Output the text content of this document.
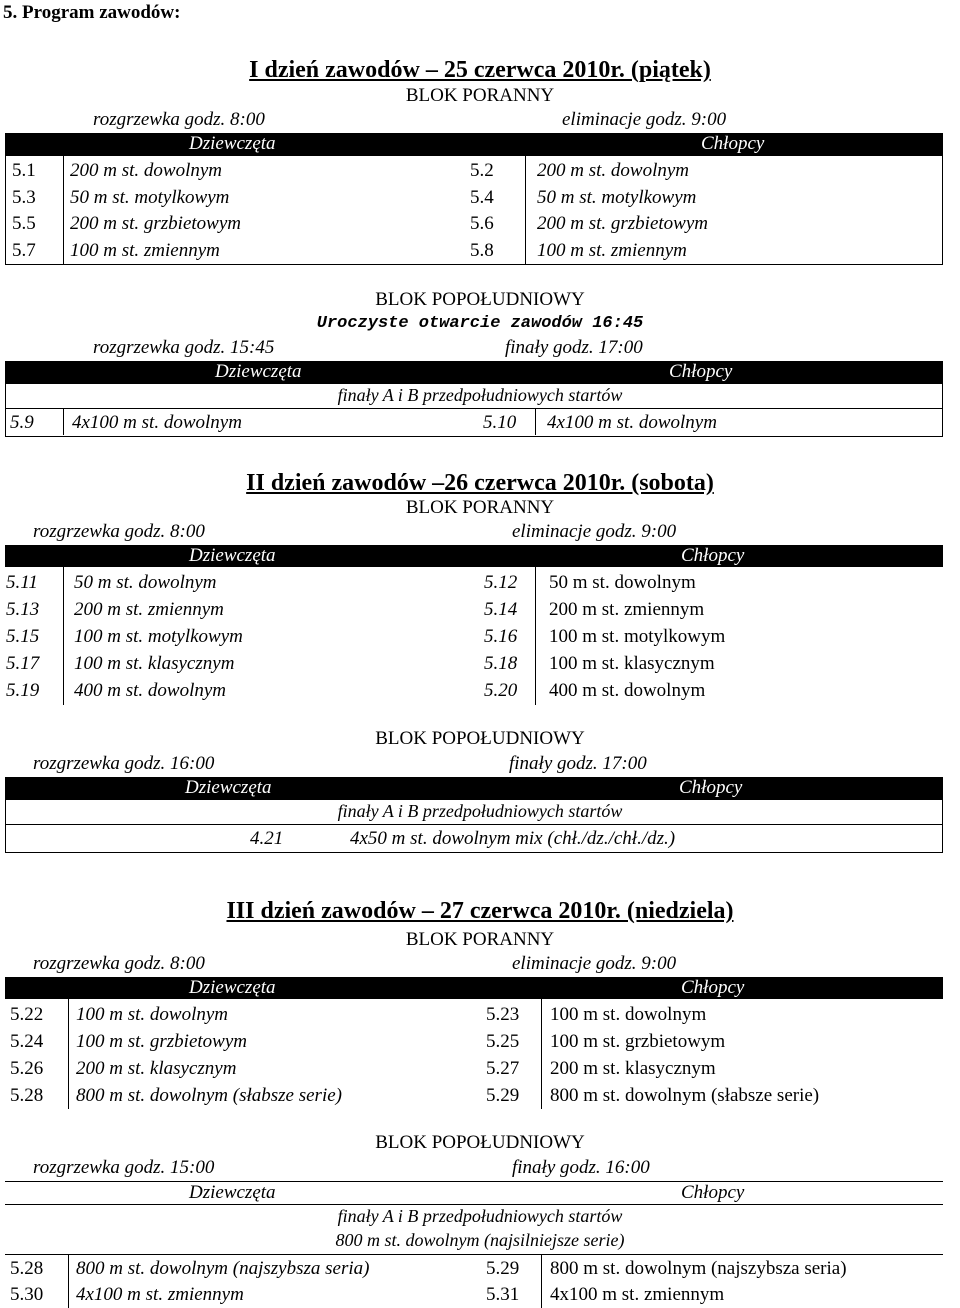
5. Program zawodów:
I dzień zawodów – 25 czerwca 2010r. (piątek)
BLOK PORANNY
rozgrzewka godz. 8:00	eliminacje godz. 9:00
Dziewczęta	Chłopcy
5.1 200 m st. dowolnym	5.2 200 m st. dowolnym
5.3 50 m st. motylkowym	5.4 50 m st. motylkowym
5.5 200 m st. grzbietowym	5.6 200 m st. grzbietowym
5.7 100 m st. zmiennym	5.8 100 m st. zmiennym
BLOK POPOŁUDNIOWY
Uroczyste otwarcie zawodów 16:45
rozgrzewka godz. 15:45	finały godz. 17:00
Dziewczęta	Chłopcy
finały A i B przedpołudniowych startów
5.9 4x100 m st. dowolnym	5.10 4x100 m st. dowolnym
II dzień zawodów –26 czerwca 2010r. (sobota)
BLOK PORANNY
rozgrzewka godz. 8:00	eliminacje godz. 9:00
Dziewczęta	Chłopcy
5.11 50 m st. dowolnym	5.12 50 m st. dowolnym
5.13 200 m st. zmiennym	5.14 200 m st. zmiennym
5.15 100 m st. motylkowym	5.16 100 m st. motylkowym
5.17 100 m st. klasycznym	5.18 100 m st. klasycznym
5.19 400 m st. dowolnym	5.20 400 m st. dowolnym
BLOK POPOŁUDNIOWY
rozgrzewka godz. 16:00	finały godz. 17:00
Dziewczęta	Chłopcy
finały A i B przedpołudniowych startów
4.21	4x50 m st. dowolnym mix (chł./dz./chł./dz.)
III dzień zawodów – 27 czerwca 2010r. (niedziela)
BLOK PORANNY
rozgrzewka godz. 8:00	eliminacje godz. 9:00
Dziewczęta	Chłopcy
5.22 100 m st. dowolnym	5.23 100 m st. dowolnym
5.24 100 m st. grzbietowym	5.25 100 m st. grzbietowym
5.26 200 m st. klasycznym	5.27 200 m st. klasycznym
5.28 800 m st. dowolnym (słabsze serie)	5.29 800 m st. dowolnym (słabsze serie)
BLOK POPOŁUDNIOWY
rozgrzewka godz. 15:00	finały godz. 16:00
Dziewczęta	Chłopcy
finały A i B przedpołudniowych startów
800 m st. dowolnym (najsilniejsze serie)
5.28 800 m st. dowolnym (najszybsza seria)	5.29 800 m st. dowolnym (najszybsza seria)
5.30 4x100 m st. zmiennym	5.31 4x100 m st. zmiennym
